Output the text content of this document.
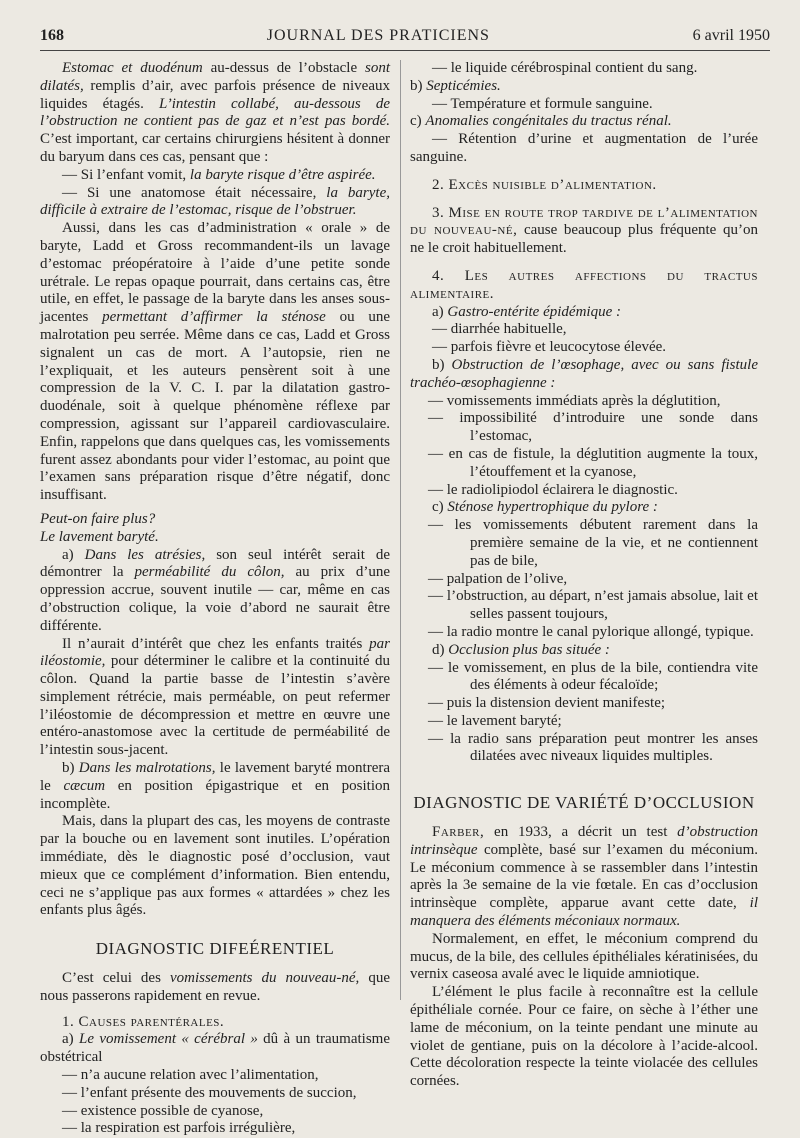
168	JOURNAL DES PRATICIENS	6 avril 1950

Estomac et duodénum au-dessus de l’obstacle sont dilatés, remplis d’air, avec parfois présence de niveaux liquides étagés. L’intestin collabé, au-dessous de l’obstruction ne contient pas de gaz et n’est pas bordé. C’est important, car certains chirurgiens hésitent à donner du baryum dans ces cas, pensant que :

— Si l’enfant vomit, la baryte risque d’être aspirée.

— Si une anatomose était nécessaire, la baryte, difficile à extraire de l’estomac, risque de l’obstruer.

Aussi, dans les cas d’administration « orale » de baryte, Ladd et Gross recommandent-ils un lavage d’estomac préopératoire à l’aide d’une petite sonde urétrale. Le repas opaque pourrait, dans certains cas, être utile, en effet, le passage de la baryte dans les anses sous-jacentes permettant d’affirmer la sténose ou une malrotation peu serrée. Même dans ce cas, Ladd et Gross signalent un cas de mort. A l’autopsie, rien ne l’expliquait, et les auteurs pensèrent soit à une compression de la V. C. I. par la dilatation gastro-duodénale, soit à quelque phénomène réflexe par compression, agissant sur l’appareil cardiovasculaire. Enfin, rappelons que dans quelques cas, les vomissements furent assez abondants pour vider l’estomac, au point que l’examen sans préparation risque d’être négatif, donc insuffisant.

Peut-on faire plus?

Le lavement baryté.

a) Dans les atrésies, son seul intérêt serait de démontrer la perméabilité du côlon, au prix d’une oppression accrue, souvent inutile — car, même en cas d’obstruction colique, la voie d’abord ne saurait être différente.

Il n’aurait d’intérêt que chez les enfants traités par iléostomie, pour déterminer le calibre et la continuité du côlon. Quand la partie basse de l’intestin s’avère simplement rétrécie, mais perméable, on peut refermer l’iléostomie de décompression et mettre en œuvre une entéro-anastomose avec la certitude de perméabilité de l’intestin sous-jacent.

b) Dans les malrotations, le lavement baryté montrera le cæcum en position épigastrique et en position incomplète.

Mais, dans la plupart des cas, les moyens de contraste par la bouche ou en lavement sont inutiles. L’opération immédiate, dès le diagnostic posé d’occlusion, vaut mieux que ce complément d’information. Bien entendu, ceci ne s’applique pas aux formes « attardées » chez les enfants plus âgés.

DIAGNOSTIC DIFEÉRENTIEL

C’est celui des vomissements du nouveau-né, que nous passerons rapidement en revue.

1. Causes parentérales.

a) Le vomissement « cérébral » dû à un traumatisme obstétrical

— n’a aucune relation avec l’alimentation,

— l’enfant présente des mouvements de succion,

— existence possible de cyanose,

— la respiration est parfois irrégulière,

— le liquide cérébrospinal contient du sang.

b) Septicémies.

— Température et formule sanguine.

c) Anomalies congénitales du tractus rénal.

— Rétention d’urine et augmentation de l’urée sanguine.

2. Excès nuisible d’alimentation.

3. Mise en route trop tardive de l’alimentation du nouveau-né, cause beaucoup plus fréquente qu’on ne le croit habituellement.

4. Les autres affections du tractus alimentaire.

a) Gastro-entérite épidémique :

— diarrhée habituelle,

— parfois fièvre et leucocytose élevée.

b) Obstruction de l’œsophage, avec ou sans fistule trachéo-œsophagienne :

— vomissements immédiats après la déglutition,

— impossibilité d’introduire une sonde dans l’estomac,

— en cas de fistule, la déglutition augmente la toux, l’étouffement et la cyanose,

— le radiolipiodol éclairera le diagnostic.

c) Sténose hypertrophique du pylore :

— les vomissements débutent rarement dans la première semaine de la vie, et ne contiennent pas de bile,

— palpation de l’olive,

— l’obstruction, au départ, n’est jamais absolue, lait et selles passent toujours,

— la radio montre le canal pylorique allongé, typique.

d) Occlusion plus bas située :

— le vomissement, en plus de la bile, contiendra vite des éléments à odeur fécaloïde;

— puis la distension devient manifeste;

— le lavement baryté;

— la radio sans préparation peut montrer les anses dilatées avec niveaux liquides multiples.

DIAGNOSTIC DE VARIÉTÉ D’OCCLUSION

Farber, en 1933, a décrit un test d’obstruction intrinsèque complète, basé sur l’examen du méconium. Le méconium commence à se rassembler dans l’intestin après la 3e semaine de la vie fœtale. En cas d’occlusion intrinsèque complète, apparue avant cette date, il manquera des éléments méconiaux normaux.

Normalement, en effet, le méconium comprend du mucus, de la bile, des cellules épithéliales kératinisées, du vernix caseosa avalé avec le liquide amniotique.

L’élément le plus facile à reconnaître est la cellule épithéliale cornée. Pour ce faire, on sèche à l’éther une lame de méconium, on la teinte pendant une minute au violet de gentiane, puis on la décolore à l’acide-alcool. Cette décoloration respecte la teinte violacée des cellules cornées.
